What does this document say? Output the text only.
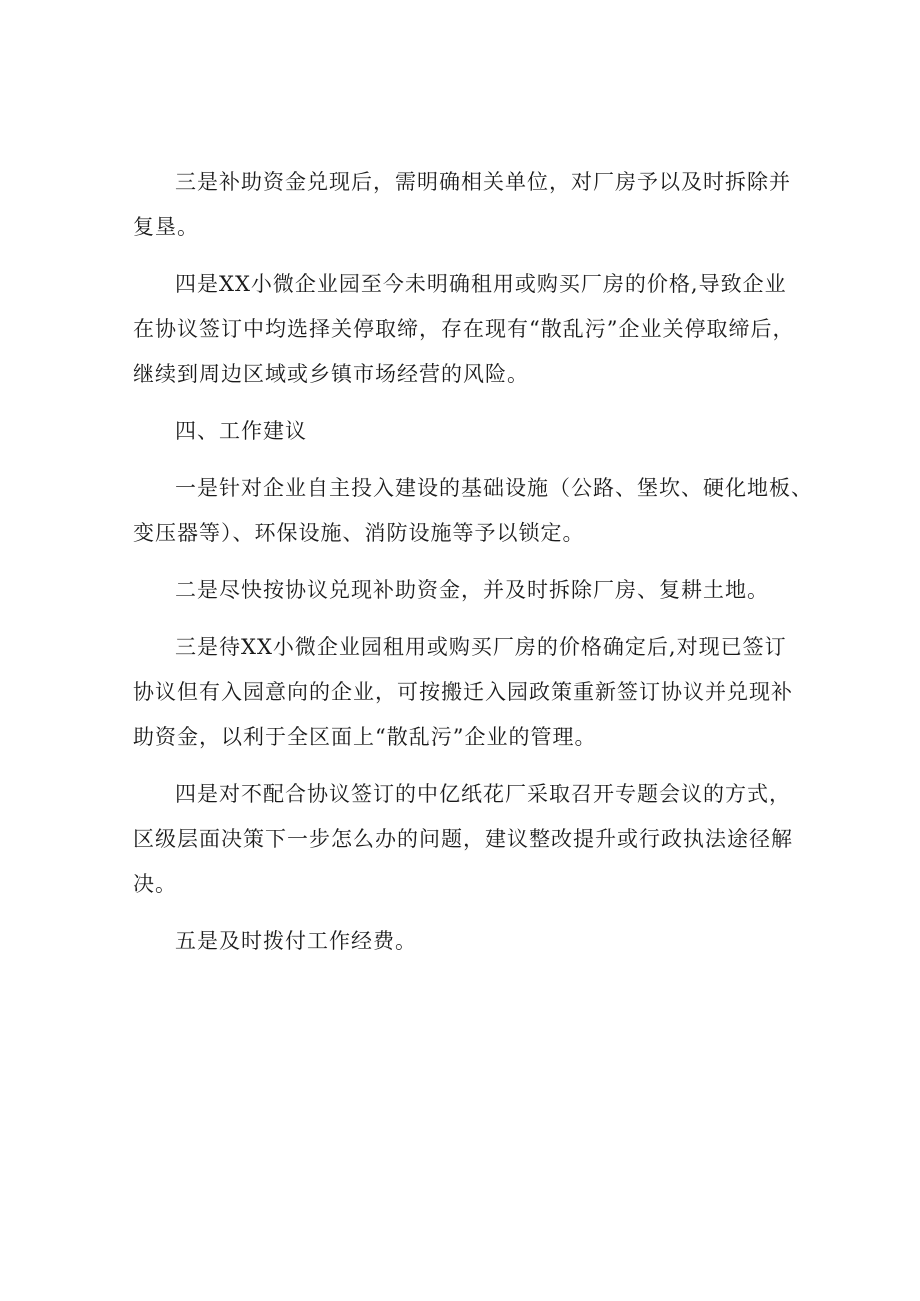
三是补助资金兑现后，需明确相关单位，对厂房予以及时拆除并
复垦。
四是XX小微企业园至今未明确租用或购买厂房的价格,导致企业
在协议签订中均选择关停取缔，存在现有“散乱污”企业关停取缔后，
继续到周边区域或乡镇市场经营的风险。
四、工作建议
一是针对企业自主投入建设的基础设施（公路、堡坎、硬化地板、
变压器等）、环保设施、消防设施等予以锁定。
二是尽快按协议兑现补助资金，并及时拆除厂房、复耕土地。
三是待XX小微企业园租用或购买厂房的价格确定后,对现已签订
协议但有入园意向的企业，可按搬迁入园政策重新签订协议并兑现补
助资金，以利于全区面上“散乱污”企业的管理。
四是对不配合协议签订的中亿纸花厂采取召开专题会议的方式，
区级层面决策下一步怎么办的问题，建议整改提升或行政执法途径解
决。
五是及时拨付工作经费。
